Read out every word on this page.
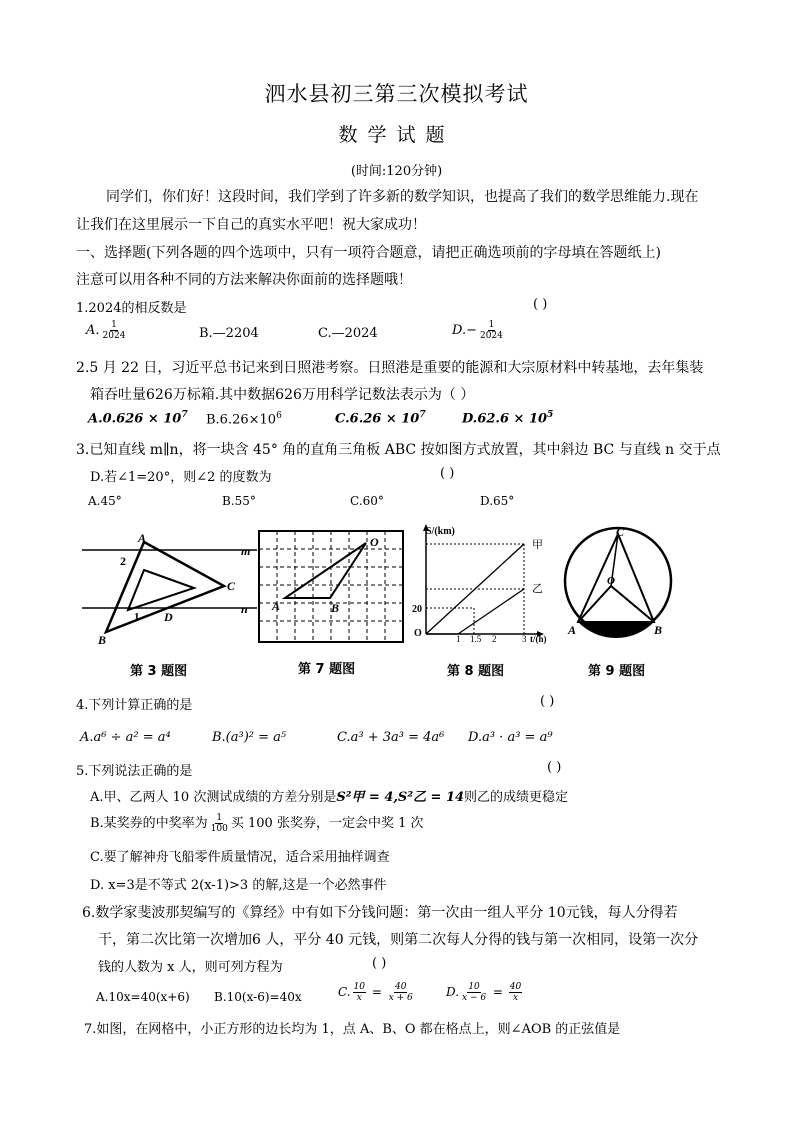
泗水县初三第三次模拟考试
数学试题
(时间:120分钟)
同学们，你们好！这段时间，我们学到了许多新的数学知识，也提高了我们的数学思维能力.现在
让我们在这里展示一下自己的真实水平吧！祝大家成功！
一、选择题(下列各题的四个选项中，只有一项符合题意，请把正确选项前的字母填在答题纸上)
注意可以用各种不同的方法来解决你面前的选择题哦！
1.2024的相反数是	( )
A. $\frac{1}{2024}$	B.—2204	C.—2024	$D.- \frac{1}{2024}$
2.5 月 22 日，习近平总书记来到日照港考察。日照港是重要的能源和大宗原材料中转基地，去年集装
箱吞吐量626万标箱.其中数据626万用科学记数法表示为（ ）
$A.0.626 \times 10^7$ $B.6.26\times 10^6$	$C.6.26 \times 10^7$	$D.62.6 \times 10^5$
3.已知直线 m∥n，将一块含 45° 角的直角三角板 ABC 按如图方式放置，其中斜边 BC 与直线 n 交于点
D.若∠1=20°，则∠2 的度数为	( )
A.45°	B.55°	C.60°	D.65°
A
2
B
C
D
1
m
n
第 3 题图
A	B
O
第 7 题图
S/(km)
甲
乙
20
O	1 1.5 2	3 t/(h)
第 8 题图
C
O
A	B
第 9 题图
4.下列计算正确的是	( )
A.a⁶ ÷ a² = a⁴	B.(a³)² = a⁵	C.a³ + 3a³ = 4a⁶ D.a³ · a³ = a⁹
5.下列说法正确的是	( )
A.甲、乙两人 10 次测试成绩的方差分别是S²甲 = 4,S²乙 = 14则乙的成绩更稳定
B.某奖券的中奖率为 $\frac{1}{100}$ 买 100 张奖券，一定会中奖 1 次
C.要了解神舟飞船零件质量情况，适合采用抽样调查
D. x=3是不等式 2(x-1)>3 的解,这是一个必然事件
6.数学家斐波那契编写的《算经》中有如下分钱问题：第一次由一组人平分 10元钱，每人分得若
干，第二次比第一次增加6 人，平分 40 元钱，则第二次每人分得的钱与第一次相同，设第一次分
钱的人数为 x 人，则可列方程为	( )
A.10x=40(x+6) B.10(x-6)=40x	C. $\frac{10}{x} = \frac{40}{x + 6}$	D. $\frac{10}{x - 6} = \frac{40}{x}$
7.如图，在网格中，小正方形的边长均为 1，点 A、B、O 都在格点上，则∠AOB 的正弦值是
